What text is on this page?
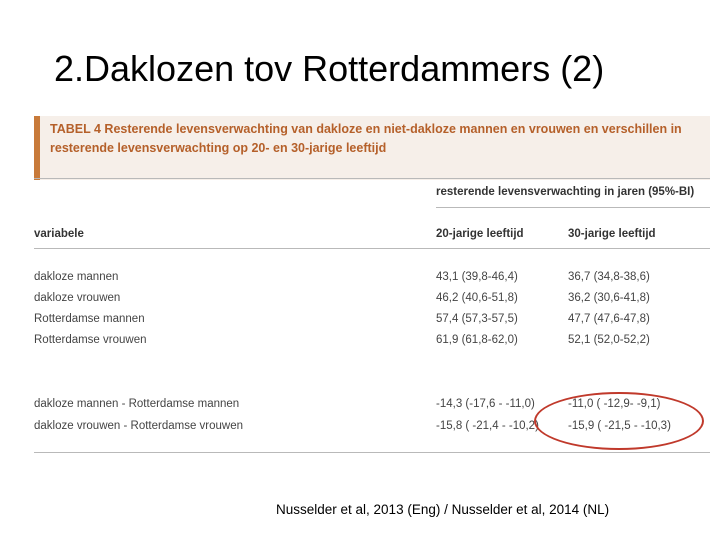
2.Daklozen tov Rotterdammers (2)
TABEL 4 Resterende levensverwachting van dakloze en niet-dakloze mannen en vrouwen en verschillen in resterende levensverwachting op 20- en 30-jarige leeftijd
resterende levensverwachting in jaren (95%-BI)
variabele	20-jarige leeftijd	30-jarige leeftijd
dakloze mannen	43,1 (39,8-46,4)	36,7 (34,8-38,6)
dakloze vrouwen	46,2 (40,6-51,8)	36,2 (30,6-41,8)
Rotterdamse mannen	57,4 (57,3-57,5)	47,7 (47,6-47,8)
Rotterdamse vrouwen	61,9 (61,8-62,0)	52,1 (52,0-52,2)
dakloze mannen - Rotterdamse mannen	-14,3 (-17,6 - -11,0)	-11,0 ( -12,9- -9,1)
dakloze vrouwen - Rotterdamse vrouwen	-15,8 ( -21,4 - -10,2)	-15,9 ( -21,5 - -10,3)
Nusselder et al, 2013 (Eng) / Nusselder et al, 2014 (NL)
